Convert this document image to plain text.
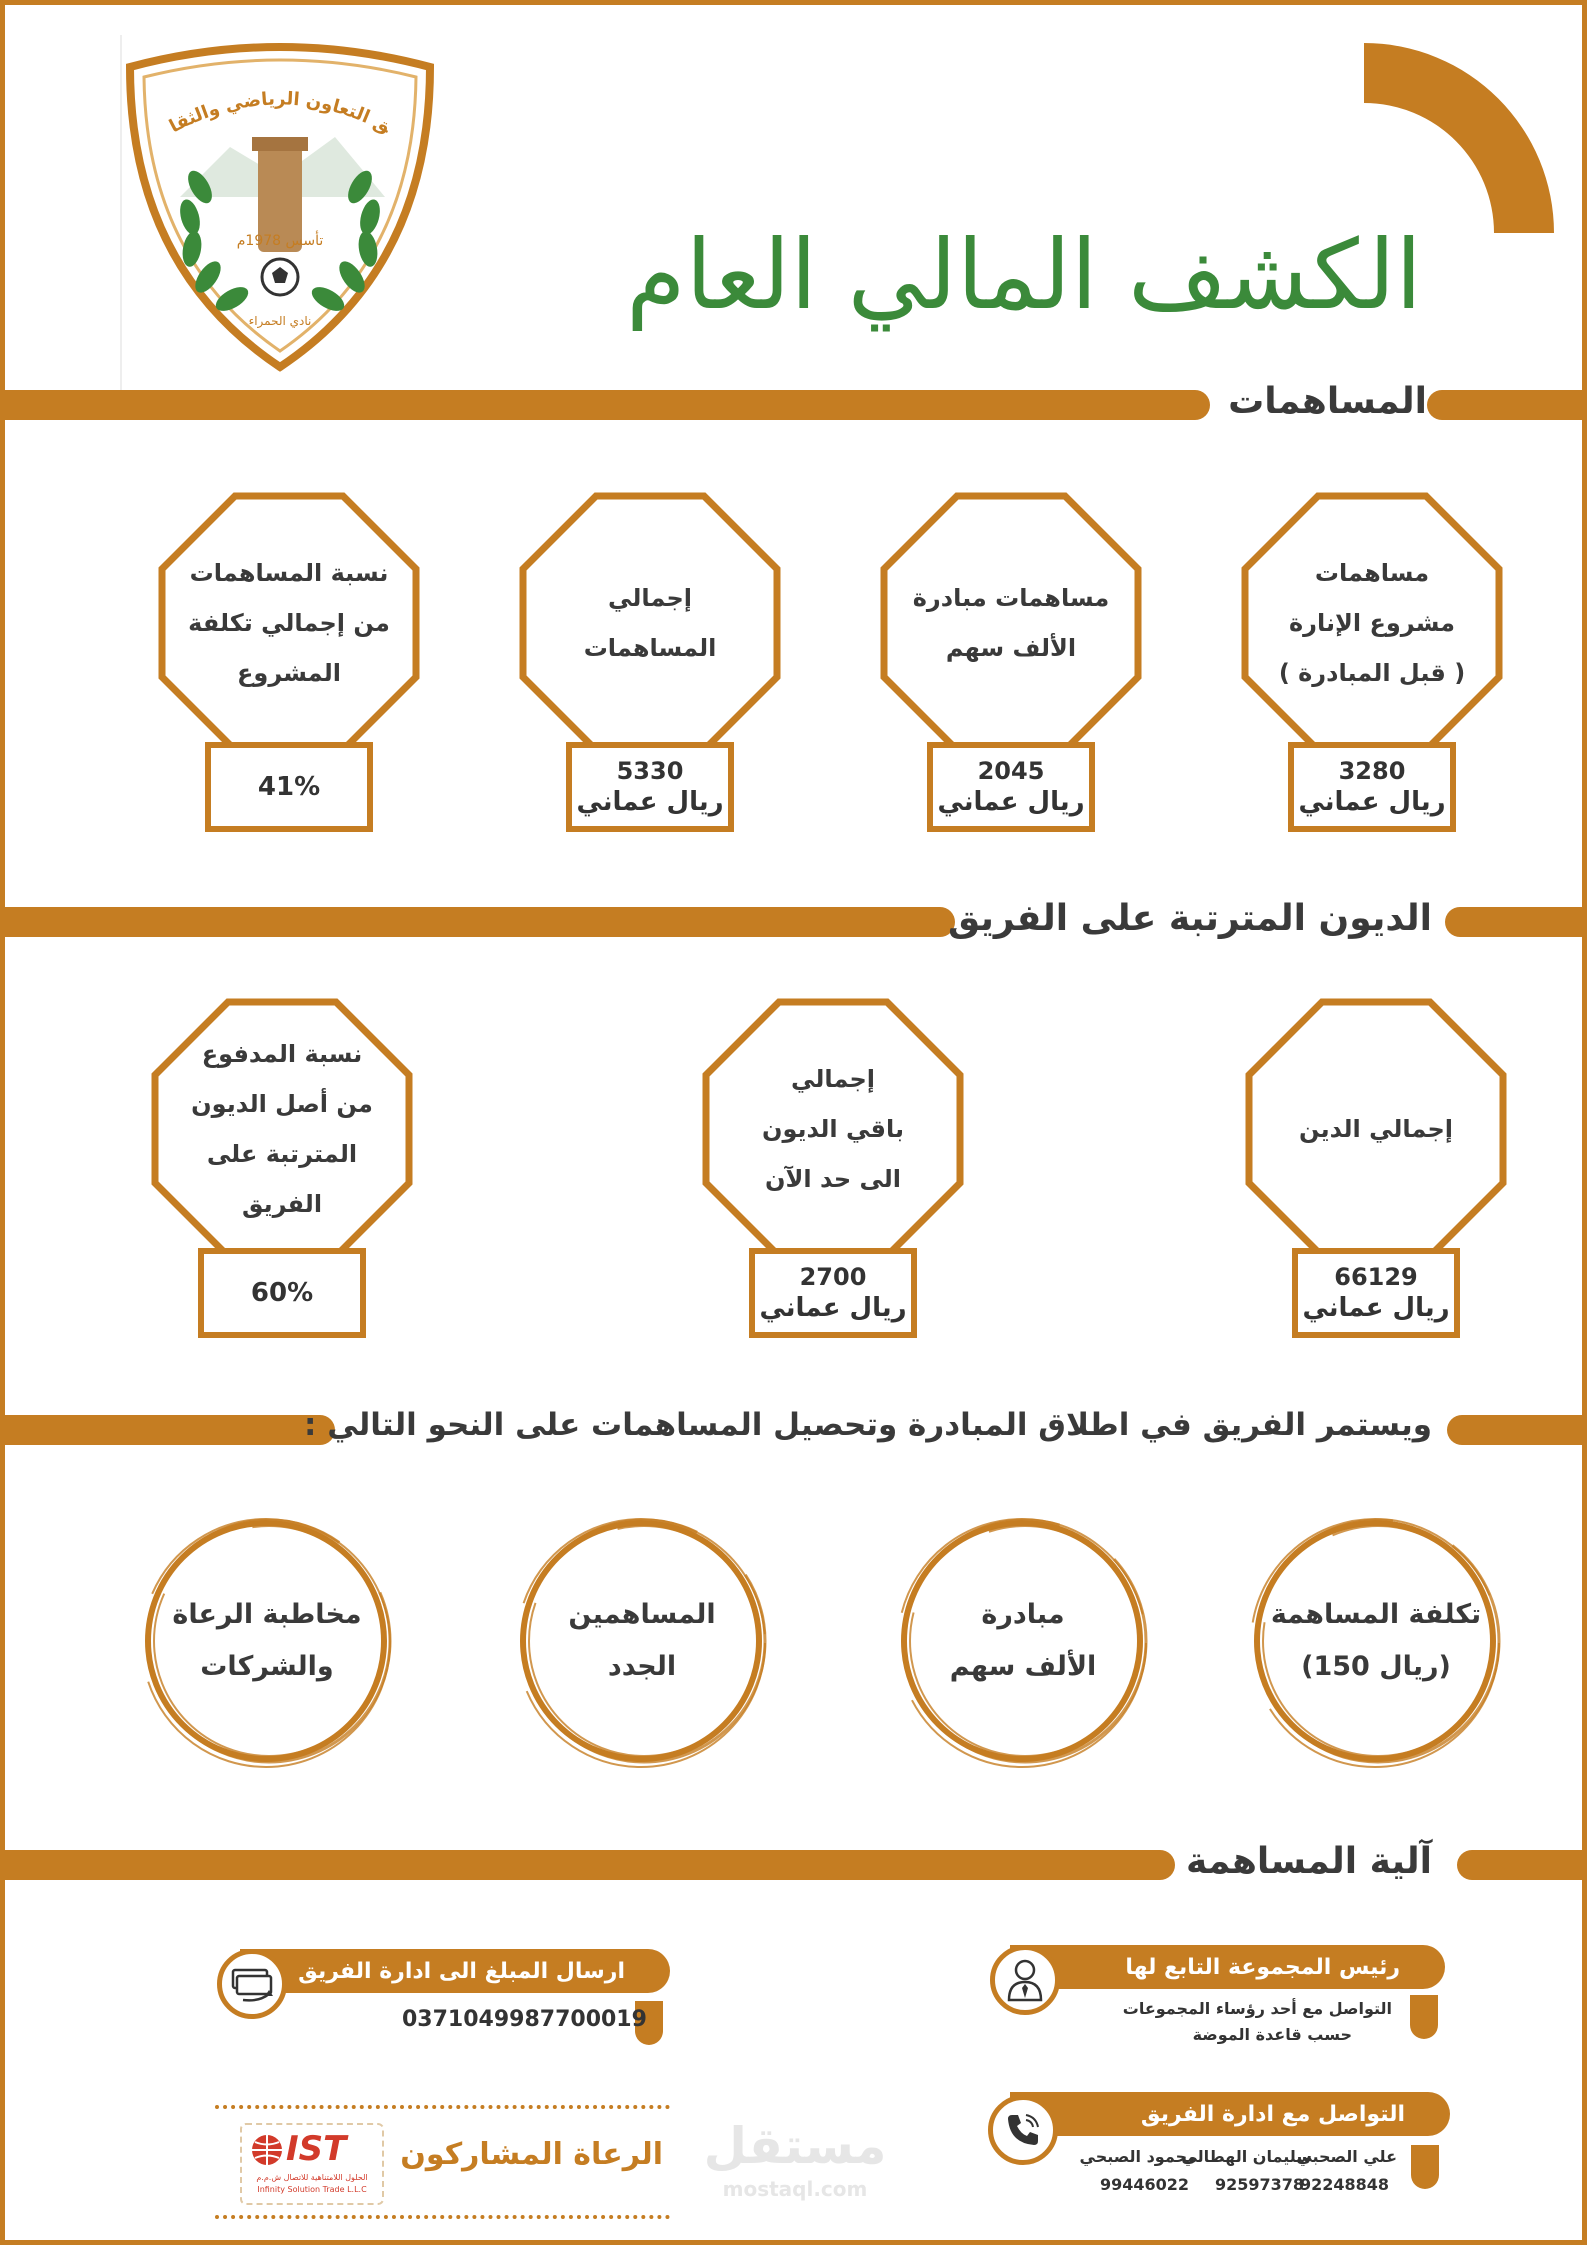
ق التعاون الرياضي والثقا
تأسس 1978م
نادي الحمراء	الكشف المالي العام
المساهمات
مساهمات
مشروع الإنارة
( قبل المبادرة )
3280
ريال عماني
مساهمات مبادرة
الألف سهم
2045
ريال عماني
إجمالي
المساهمات
5330
ريال عماني
نسبة المساهمات
من إجمالي تكلفة
المشروع
41%
الديون المترتبة على الفريق
إجمالي الدين
66129
ريال عماني
إجمالي
باقي الديون
الى حد الآن
2700
ريال عماني
نسبة المدفوع
من أصل الديون
المترتبة على الفريق
60%
ويستمر الفريق في اطلاق المبادرة وتحصيل المساهمات على النحو التالي :
تكلفة المساهمة
(ريال 150)
مبادرة
الألف سهم
المساهمين
الجدد
مخاطبة الرعاة
والشركات
آلية المساهمة
رئيس المجموعة التابع لها
التواصل مع أحد رؤساء المجموعات
حسب قاعدة الموضة
ارسال المبلغ الى ادارة الفريق
0371049987700019
التواصل مع ادارة الفريق
علي الصحبي
92248848
سليمان الهطالي
92597378
محمود الصبحي
99446022
الرعاة المشاركون
IST
الحلول اللامتناهية للاتصال ش.م.م
Infinity Solution Trade L.L.C
مستقل
mostaql.com
